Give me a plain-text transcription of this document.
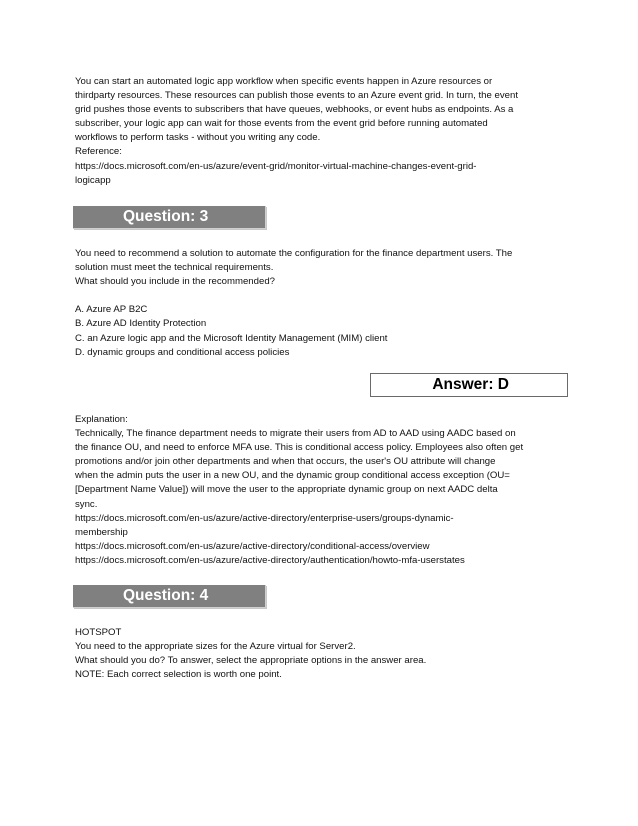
You can start an automated logic app workflow when specific events happen in Azure resources or
thirdparty resources. These resources can publish those events to an Azure event grid. In turn, the event
grid pushes those events to subscribers that have queues, webhooks, or event hubs as endpoints. As a
subscriber, your logic app can wait for those events from the event grid before running automated
workflows to perform tasks - without you writing any code.
Reference:
https://docs.microsoft.com/en-us/azure/event-grid/monitor-virtual-machine-changes-event-grid-
logicapp
Question: 3
You need to recommend a solution to automate the configuration for the finance department users. The
solution must meet the technical requirements.
What should you include in the recommended?
A. Azure AP B2C
B. Azure AD Identity Protection
C. an Azure logic app and the Microsoft Identity Management (MIM) client
D. dynamic groups and conditional access policies
Answer: D
Explanation:
Technically, The finance department needs to migrate their users from AD to AAD using AADC based on
the finance OU, and need to enforce MFA use. This is conditional access policy. Employees also often get
promotions and/or join other departments and when that occurs, the user's OU attribute will change
when the admin puts the user in a new OU, and the dynamic group conditional access exception (OU=
[Department Name Value]) will move the user to the appropriate dynamic group on next AADC delta
sync.
https://docs.microsoft.com/en-us/azure/active-directory/enterprise-users/groups-dynamic-
membership
https://docs.microsoft.com/en-us/azure/active-directory/conditional-access/overview
https://docs.microsoft.com/en-us/azure/active-directory/authentication/howto-mfa-userstates
Question: 4
HOTSPOT
You need to the appropriate sizes for the Azure virtual for Server2.
What should you do? To answer, select the appropriate options in the answer area.
NOTE: Each correct selection is worth one point.
